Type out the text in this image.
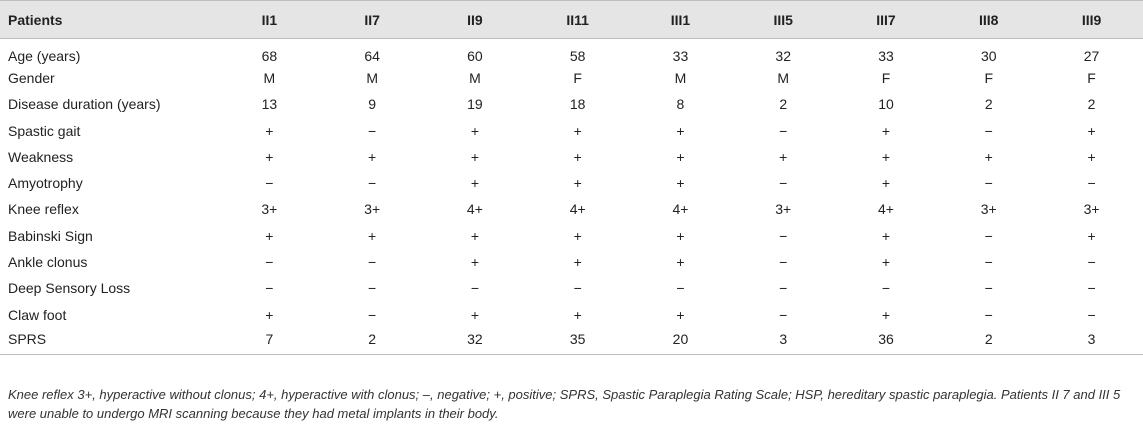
Patients	II1	II7	II9	II11	III1	III5	III7	III8	III9
Age (years)	68	64	60	58	33	32	33	30	27
Gender	M	M	M	F	M	M	F	F	F
Disease duration (years)	13	9	19	18	8	2	10	2	2
Spastic gait	+	−	+	+	+	−	+	−	+
Weakness	+	+	+	+	+	+	+	+	+
Amyotrophy	−	−	+	+	+	−	+	−	−
Knee reflex	3+	3+	4+	4+	4+	3+	4+	3+	3+
Babinski Sign	+	+	+	+	+	−	+	−	+
Ankle clonus	−	−	+	+	+	−	+	−	−
Deep Sensory Loss	−	−	−	−	−	−	−	−	−
Claw foot	+	−	+	+	+	−	+	−	−
SPRS	7	2	32	35	20	3	36	2	3
Knee reflex 3+, hyperactive without clonus; 4+, hyperactive with clonus; –, negative; +, positive; SPRS, Spastic Paraplegia Rating Scale; HSP, hereditary spastic paraplegia. Patients II 7 and III 5 were unable to undergo MRI scanning because they had metal implants in their body.
